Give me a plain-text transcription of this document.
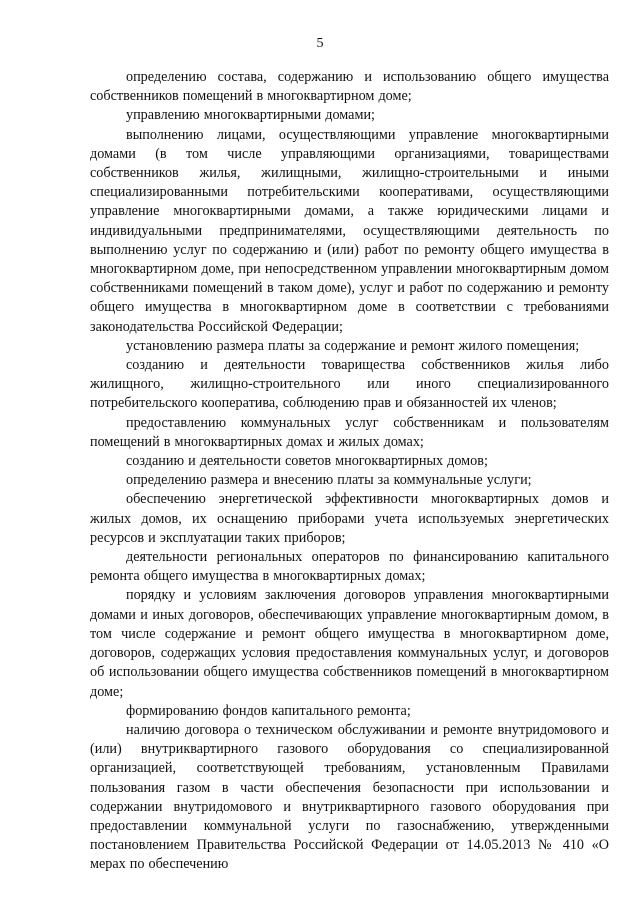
5

определению состава, содержанию и использованию общего имущества собственников помещений в многоквартирном доме;

управлению многоквартирными домами;

выполнению лицами, осуществляющими управление многоквартирными домами (в том числе управляющими организациями, товариществами собственников жилья, жилищными, жилищно-строительными и иными специализированными потребительскими кооперативами, осуществляющими управление многоквартирными домами, а также юридическими лицами и индивидуальными предпринимателями, осуществляющими деятельность по выполнению услуг по содержанию и (или) работ по ремонту общего имущества в многоквартирном доме, при непосредственном управлении многоквартирным домом собственниками помещений в таком доме), услуг и работ по содержанию и ремонту общего имущества в многоквартирном доме в соответствии с требованиями законодательства Российской Федерации;

установлению размера платы за содержание и ремонт жилого помещения;

созданию и деятельности товарищества собственников жилья либо жилищного, жилищно-строительного или иного специализированного потребительского кооператива, соблюдению прав и обязанностей их членов;

предоставлению коммунальных услуг собственникам и пользователям помещений в многоквартирных домах и жилых домах;

созданию и деятельности советов многоквартирных домов;

определению размера и внесению платы за коммунальные услуги;

обеспечению энергетической эффективности многоквартирных домов и жилых домов, их оснащению приборами учета используемых энергетических ресурсов и эксплуатации таких приборов;

деятельности региональных операторов по финансированию капитального ремонта общего имущества в многоквартирных домах;

порядку и условиям заключения договоров управления многоквартирными домами и иных договоров, обеспечивающих управление многоквартирным домом, в том числе содержание и ремонт общего имущества в многоквартирном доме, договоров, содержащих условия предоставления коммунальных услуг, и договоров об использовании общего имущества собственников помещений в многоквартирном доме;

формированию фондов капитального ремонта;

наличию договора о техническом обслуживании и ремонте внутридомового и (или) внутриквартирного газового оборудования со специализированной организацией, соответствующей требованиям, установленным Правилами пользования газом в части обеспечения безопасности при использовании и содержании внутридомового и внутриквартирного газового оборудования при предоставлении коммунальной услуги по газоснабжению, утвержденными постановлением Правительства Российской Федерации от 14.05.2013 № 410 «О мерах по обеспечению
